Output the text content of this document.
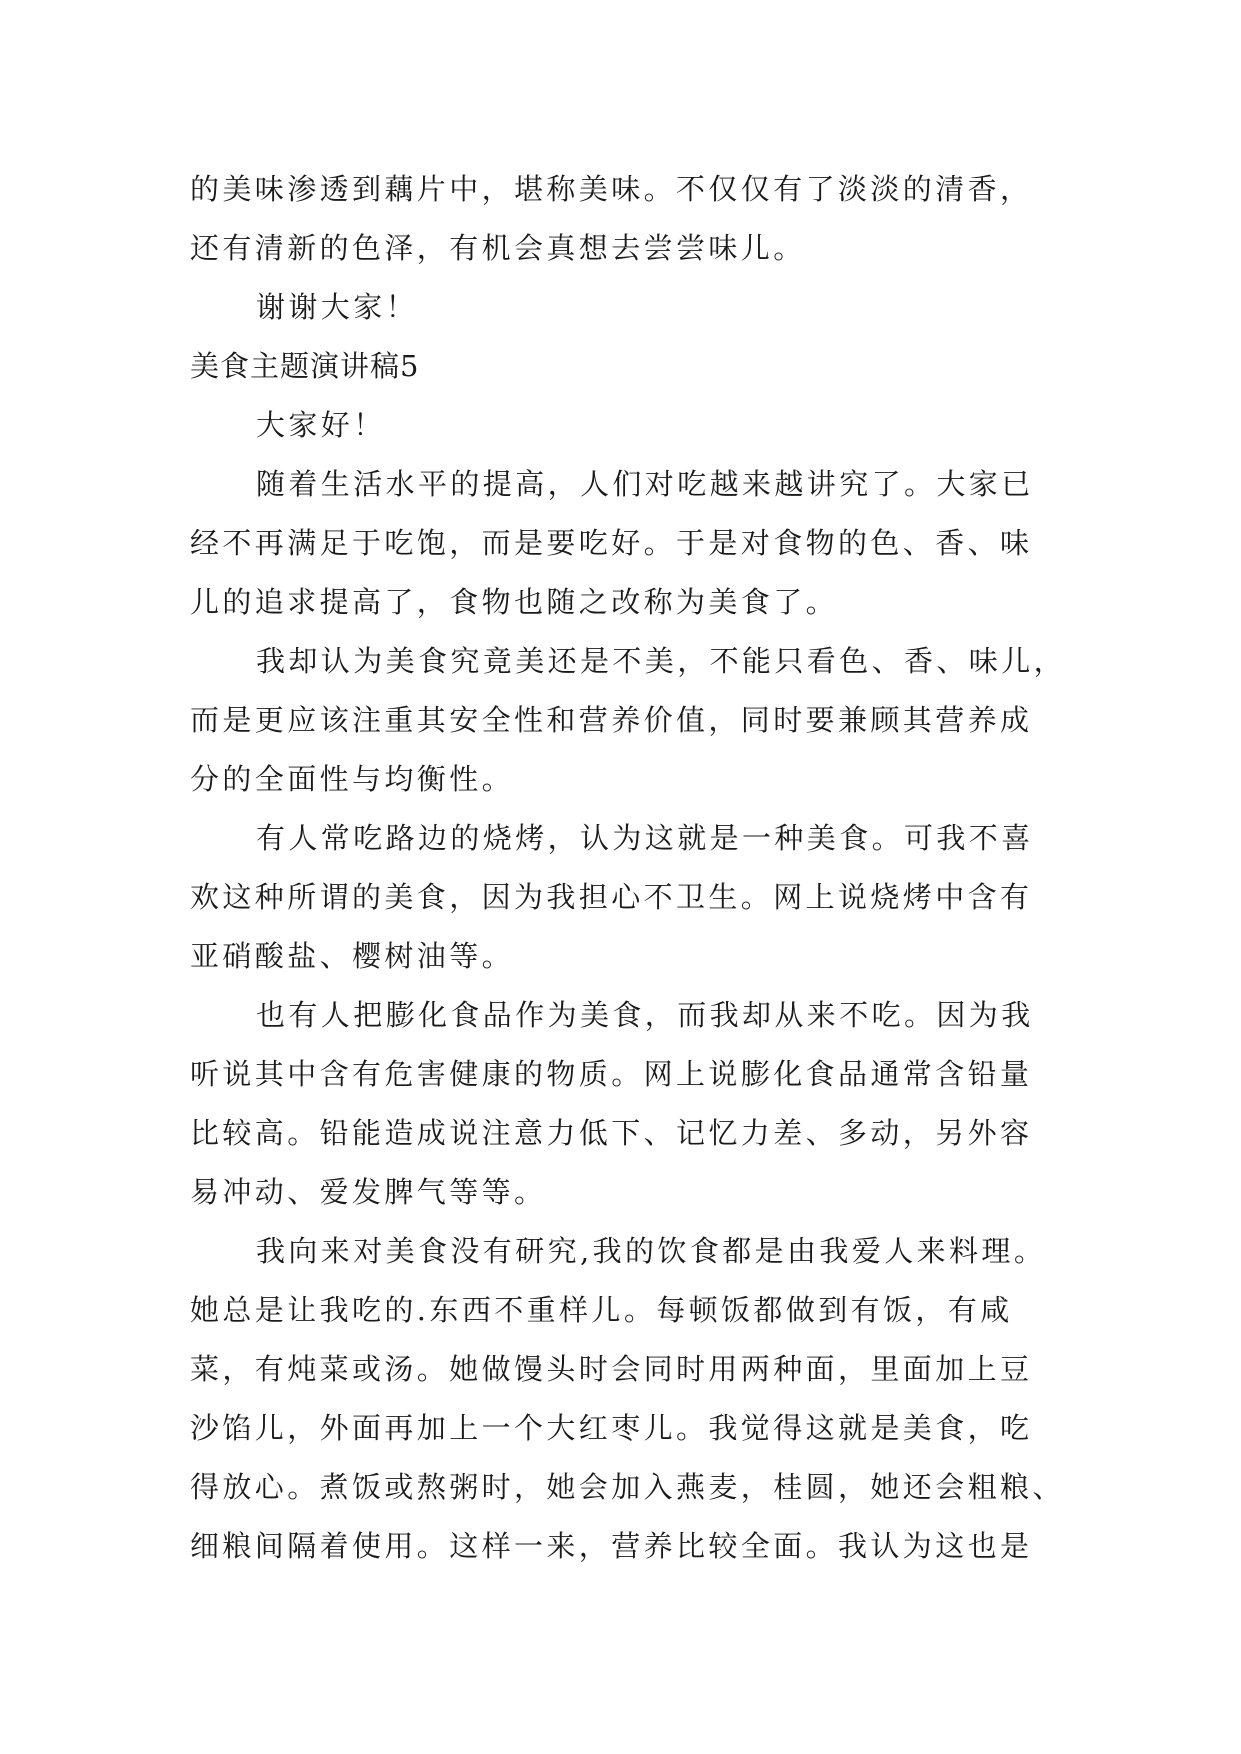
的美味渗透到藕片中，堪称美味。不仅仅有了淡淡的清香，
还有清新的色泽，有机会真想去尝尝味儿。
谢谢大家！
美食主题演讲稿5
大家好！
随着生活水平的提高，人们对吃越来越讲究了。大家已
经不再满足于吃饱，而是要吃好。于是对食物的色、香、味
儿的追求提高了，食物也随之改称为美食了。
我却认为美食究竟美还是不美，不能只看色、香、味儿，
而是更应该注重其安全性和营养价值，同时要兼顾其营养成
分的全面性与均衡性。
有人常吃路边的烧烤，认为这就是一种美食。可我不喜
欢这种所谓的美食，因为我担心不卫生。网上说烧烤中含有
亚硝酸盐、樱树油等。
也有人把膨化食品作为美食，而我却从来不吃。因为我
听说其中含有危害健康的物质。网上说膨化食品通常含铅量
比较高。铅能造成说注意力低下、记忆力差、多动，另外容
易冲动、爱发脾气等等。
我向来对美食没有研究,我的饮食都是由我爱人来料理。
她总是让我吃的.东西不重样儿。每顿饭都做到有饭，有咸
菜，有炖菜或汤。她做馒头时会同时用两种面，里面加上豆
沙馅儿，外面再加上一个大红枣儿。我觉得这就是美食，吃
得放心。煮饭或熬粥时，她会加入燕麦，桂圆，她还会粗粮、
细粮间隔着使用。这样一来，营养比较全面。我认为这也是
